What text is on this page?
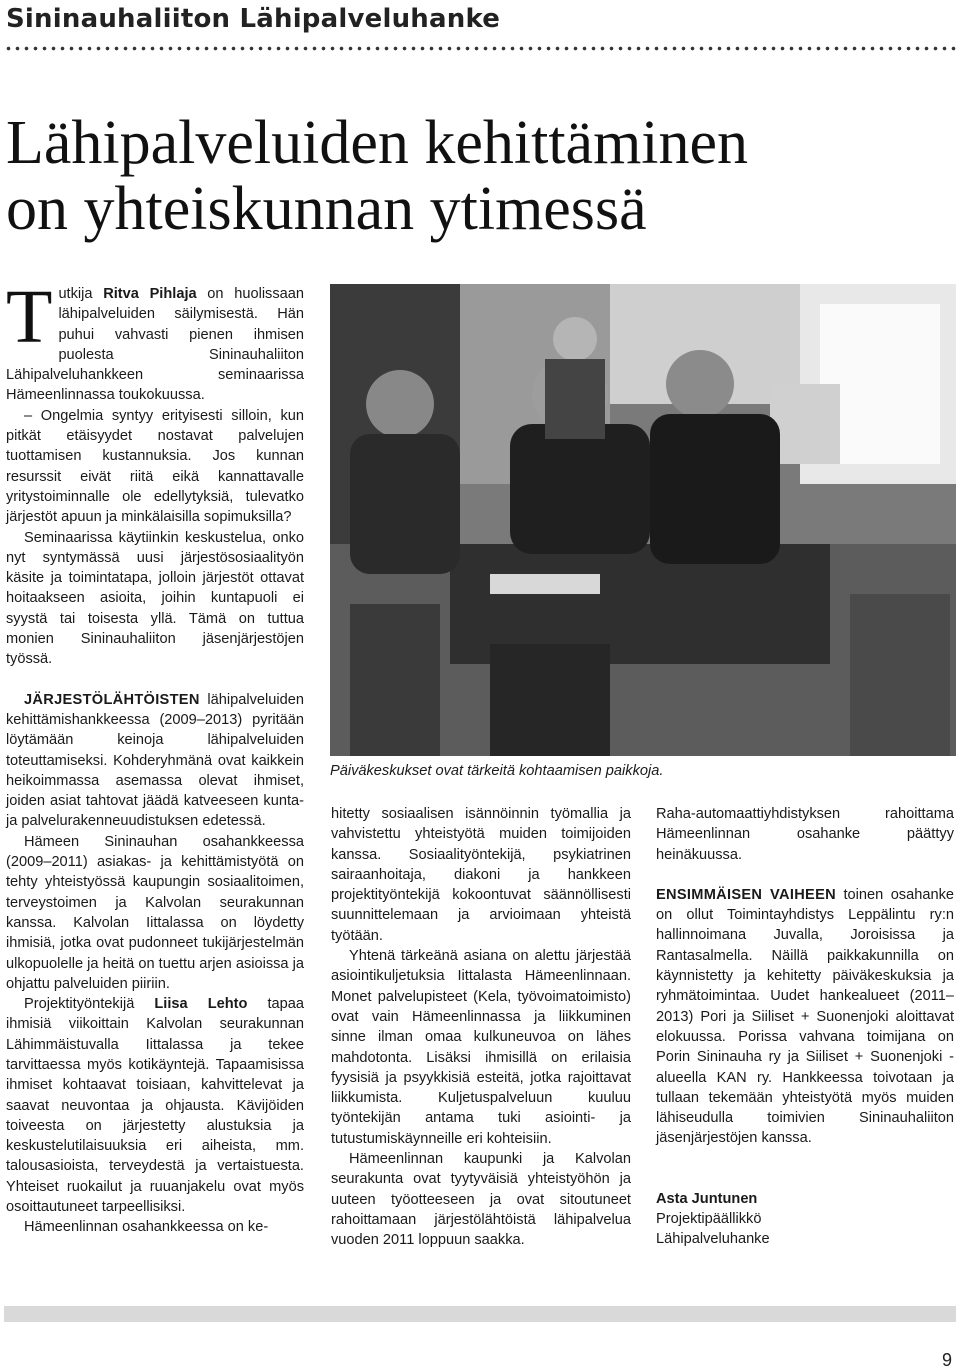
Sininauhaliiton Lähipalveluhanke
Lähipalveluiden kehittäminen
on yhteiskunnan ytimessä

Tutkija Ritva Pihlaja on huolissaan lähipalveluiden säilymisestä. Hän puhui vahvasti pienen ihmisen puolesta Sininauhaliiton Lähipalveluhankkeen seminaarissa Hämeenlinnassa toukokuussa.

– Ongelmia syntyy erityisesti silloin, kun pitkät etäisyydet nostavat palvelujen tuottamisen kustannuksia. Jos kunnan resurssit eivät riitä eikä kannattavalle yritystoiminnalle ole edellytyksiä, tulevatko järjestöt apuun ja minkälaisilla sopimuksilla?

Seminaarissa käytiinkin keskustelua, onko nyt syntymässä uusi järjestösosiaalityön käsite ja toimintatapa, jolloin järjestöt ottavat hoitaakseen asioita, joihin kuntapuoli ei syystä tai toisesta yllä. Tämä on tuttua monien Sininauhaliiton jäsenjärjestöjen työssä.

JÄRJESTÖLÄHTÖISTEN lähipalveluiden kehittämishankkeessa (2009–2013) pyritään löytämään keinoja lähipalveluiden toteuttamiseksi. Kohderyhmänä ovat kaikkein heikoimmassa asemassa olevat ihmiset, joiden asiat tahtovat jäädä katveeseen kunta- ja palvelurakenneuudistuksen edetessä.

Hämeen Sininauhan osahankkeessa (2009–2011) asiakas- ja kehittämistyötä on tehty yhteistyössä kaupungin sosiaalitoimen, terveystoimen ja Kalvolan seurakunnan kanssa. Kalvolan Iittalassa on löydetty ihmisiä, jotka ovat pudonneet tukijärjestelmän ulkopuolelle ja heitä on tuettu arjen asioissa ja ohjattu palveluiden piiriin.

Projektityöntekijä Liisa Lehto tapaa ihmisiä viikoittain Kalvolan seurakunnan Lähimmäistuvalla Iittalassa ja tekee tarvittaessa myös kotikäyntejä. Tapaamisissa ihmiset kohtaavat toisiaan, kahvittelevat ja saavat neuvontaa ja ohjausta. Kävijöiden toiveesta on järjestetty alustuksia ja keskustelutilaisuuksia eri aiheista, mm. talousasioista, terveydestä ja vertaistuesta. Yhteiset ruokailut ja ruuanjakelu ovat myös osoittautuneet tarpeellisiksi.

Hämeenlinnan osahankkeessa on ke-

Päiväkeskukset ovat tärkeitä kohtaamisen paikkoja.

hitetty sosiaalisen isännöinnin työmallia ja vahvistettu yhteistyötä muiden toimijoiden kanssa. Sosiaalityöntekijä, psykiatrinen sairaanhoitaja, diakoni ja hankkeen projektityöntekijä kokoontuvat säännöllisesti suunnittelemaan ja arvioimaan yhteistä työtään.

Yhtenä tärkeänä asiana on alettu järjestää asiointikuljetuksia Iittalasta Hämeenlinnaan. Monet palvelupisteet (Kela, työvoimatoimisto) ovat vain Hämeenlinnassa ja liikkuminen sinne ilman omaa kulkuneuvoa on lähes mahdotonta. Lisäksi ihmisillä on erilaisia fyysisiä ja psyykkisiä esteitä, jotka rajoittavat liikkumista. Kuljetuspalveluun kuuluu työntekijän antama tuki asiointi- ja tutustumiskäynneille eri kohteisiin.

Hämeenlinnan kaupunki ja Kalvolan seurakunta ovat tyytyväisiä yhteistyöhön ja uuteen työotteeseen ja ovat sitoutuneet rahoittamaan järjestölähtöistä lähipalvelua vuoden 2011 loppuun saakka.

Raha-automaattiyhdistyksen rahoittama Hämeenlinnan osahanke päättyy heinäkuussa.

ENSIMMÄISEN VAIHEEN toinen osahanke on ollut Toimintayhdistys Leppälintu ry:n hallinnoimana Juvalla, Joroisissa ja Rantasalmella. Näillä paikkakunnilla on käynnistetty ja kehitetty päiväkeskuksia ja ryhmätoimintaa. Uudet hankealueet (2011–2013) Pori ja Siiliset + Suonenjoki aloittavat elokuussa. Porissa vahvana toimijana on Porin Sininauha ry ja Siiliset + Suonenjoki -alueella KAN ry. Hankkeessa toivotaan ja tullaan tekemään yhteistyötä myös muiden lähiseudulla toimivien Sininauhaliiton jäsenjärjestöjen kanssa.

Asta Juntunen

Projektipäällikkö

Lähipalveluhanke

9
